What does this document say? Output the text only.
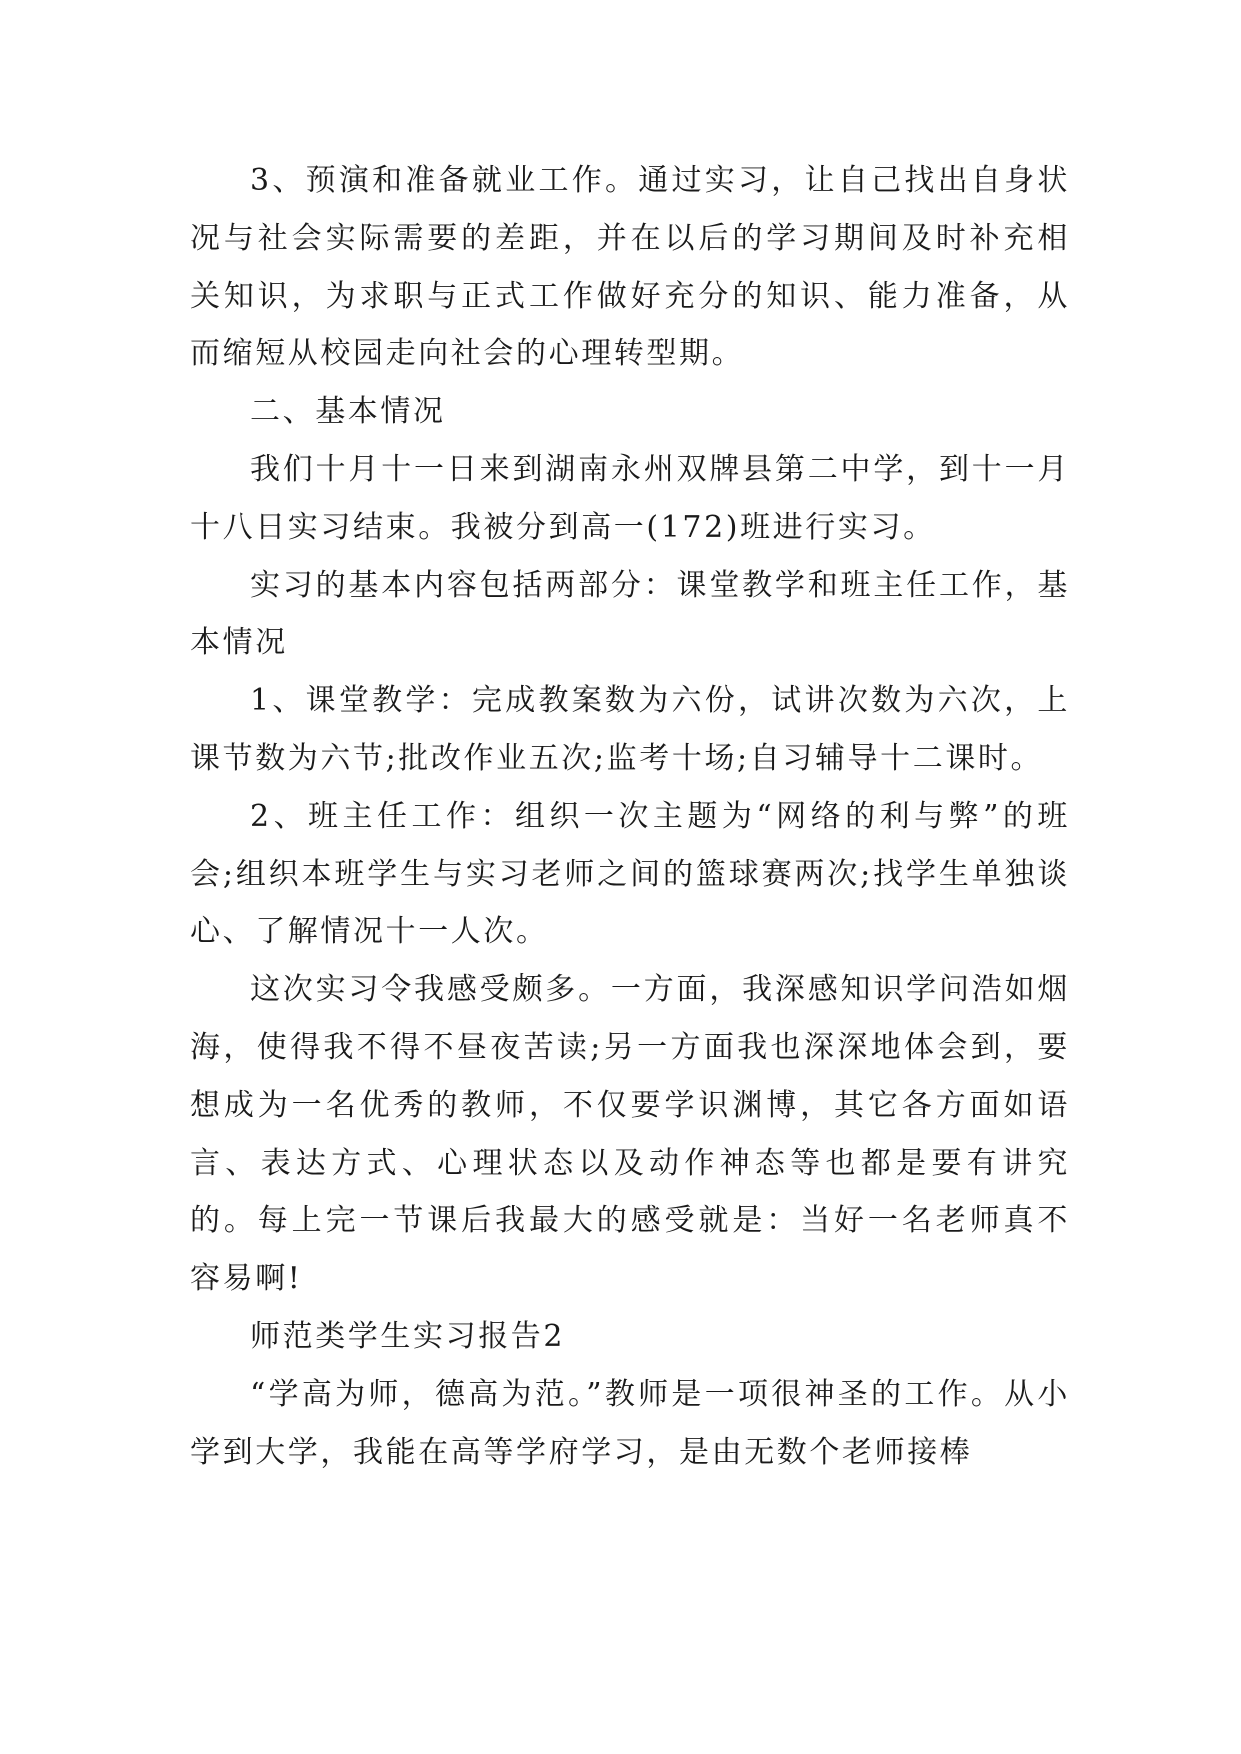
3、预演和准备就业工作。通过实习，让自己找出自身状况与社会实际需要的差距，并在以后的学习期间及时补充相关知识，为求职与正式工作做好充分的知识、能力准备，从而缩短从校园走向社会的心理转型期。

二、基本情况

我们十月十一日来到湖南永州双牌县第二中学，到十一月十八日实习结束。我被分到高一(172)班进行实习。

实习的基本内容包括两部分：课堂教学和班主任工作，基本情况

1、课堂教学：完成教案数为六份，试讲次数为六次，上课节数为六节;批改作业五次;监考十场;自习辅导十二课时。

2、班主任工作：组织一次主题为“网络的利与弊”的班会;组织本班学生与实习老师之间的篮球赛两次;找学生单独谈心、了解情况十一人次。

这次实习令我感受颇多。一方面，我深感知识学问浩如烟海，使得我不得不昼夜苦读;另一方面我也深深地体会到，要想成为一名优秀的教师，不仅要学识渊博，其它各方面如语言、表达方式、心理状态以及动作神态等也都是要有讲究的。每上完一节课后我最大的感受就是：当好一名老师真不容易啊!

师范类学生实习报告2

“学高为师，德高为范。”教师是一项很神圣的工作。从小学到大学，我能在高等学府学习，是由无数个老师接棒
